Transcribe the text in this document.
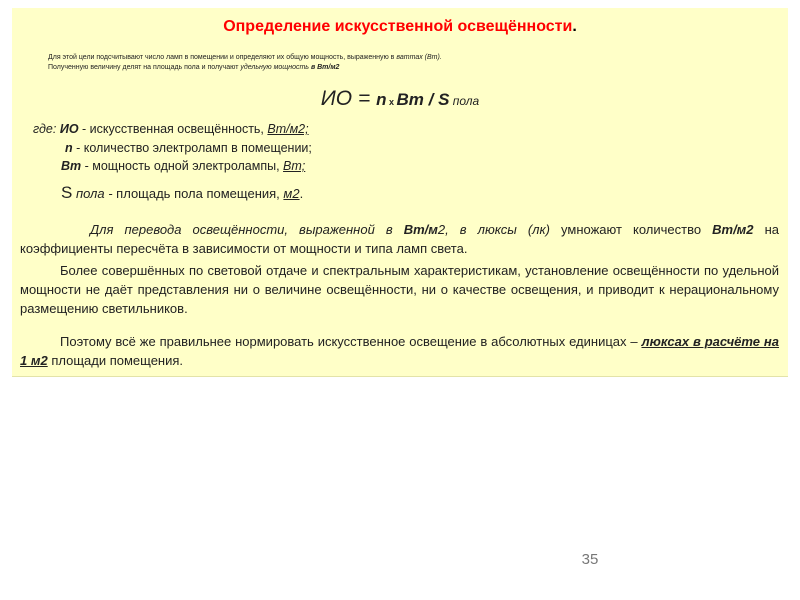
Определение искусственной освещённости.

Для этой цели подсчитывают число ламп в помещении и определяют их общую мощность, выраженную в ваттах (Вт).

Полученную величину делят на площадь пола и получают удельную мощность в Вт/м2

ИО = n x Вт / S пола

где: ИО - искусственная освещённость, Вт/м2;

n - количество электроламп в помещении;

Вт - мощность одной электролампы, Вт;

S пола - площадь пола помещения, м2.

Для перевода освещённости, выраженной в Вт/м2, в люксы (лк) умножают количество Вт/м2 на коэффициенты пересчёта в зависимости от мощности и типа ламп света.

Более совершённых по световой отдаче и спектральным характеристикам, установление освещённости по удельной мощности не даёт представления ни о величине освещённости, ни о качестве освещения, и приводит к нерациональному размещению светильников.

Поэтому всё же правильнее нормировать искусственное освещение в абсолютных единицах – люксах в расчёте на 1 м2 площади помещения.

35
